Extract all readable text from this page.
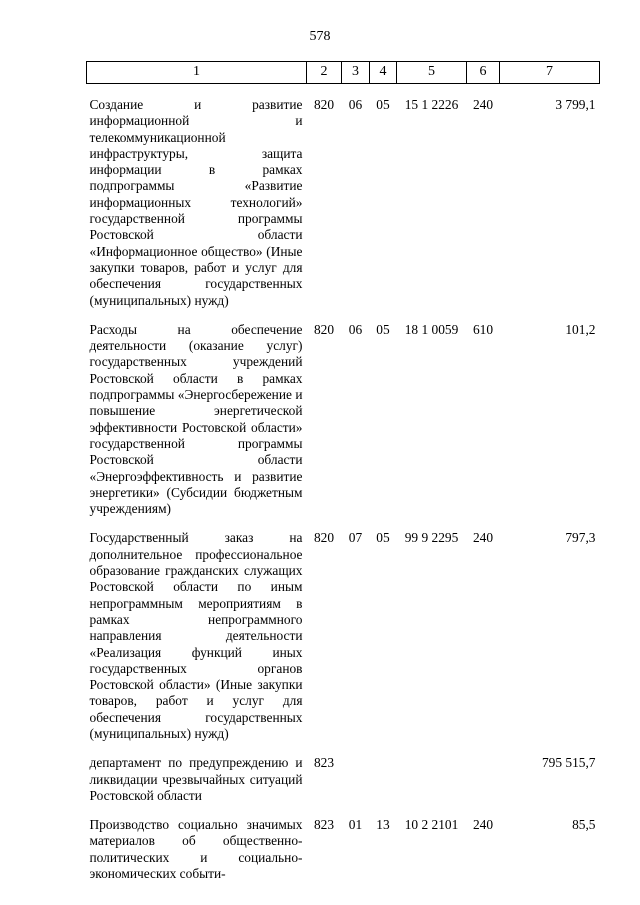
578
1	2	3	4	5	6	7

Создание и развитие информационной и телекоммуникационной инфраструктуры, защита информации в рамках подпрограммы «Развитие информационных технологий» государственной программы Ростовской области «Информационное общество» (Иные закупки товаров, работ и услуг для обеспечения государственных (муниципальных) нужд)	820	06	05	15 1 2226	240	3 799,1

Расходы на обеспечение деятельности (оказание услуг) государственных учреждений Ростовской области в рамках подпрограммы «Энергосбережение и повышение энергетической эффективности Ростовской области» государственной программы Ростовской области «Энергоэффективность и развитие энергетики» (Субсидии бюджетным учреждениям)	820	06	05	18 1 0059	610	101,2

Государственный заказ на дополнительное профессиональное образование гражданских служащих Ростовской области по иным непрограммным мероприятиям в рамках непрограммного направления деятельности «Реализация функций иных государственных органов Ростовской области» (Иные закупки товаров, работ и услуг для обеспечения государственных (муниципальных) нужд)	820	07	05	99 9 2295	240	797,3

департамент по предупреждению и ликвидации чрезвычайных ситуаций Ростовской области	823					795 515,7

Производство социально значимых материалов об общественно-политических и социально-экономических событи-	823	01	13	10 2 2101	240	85,5
